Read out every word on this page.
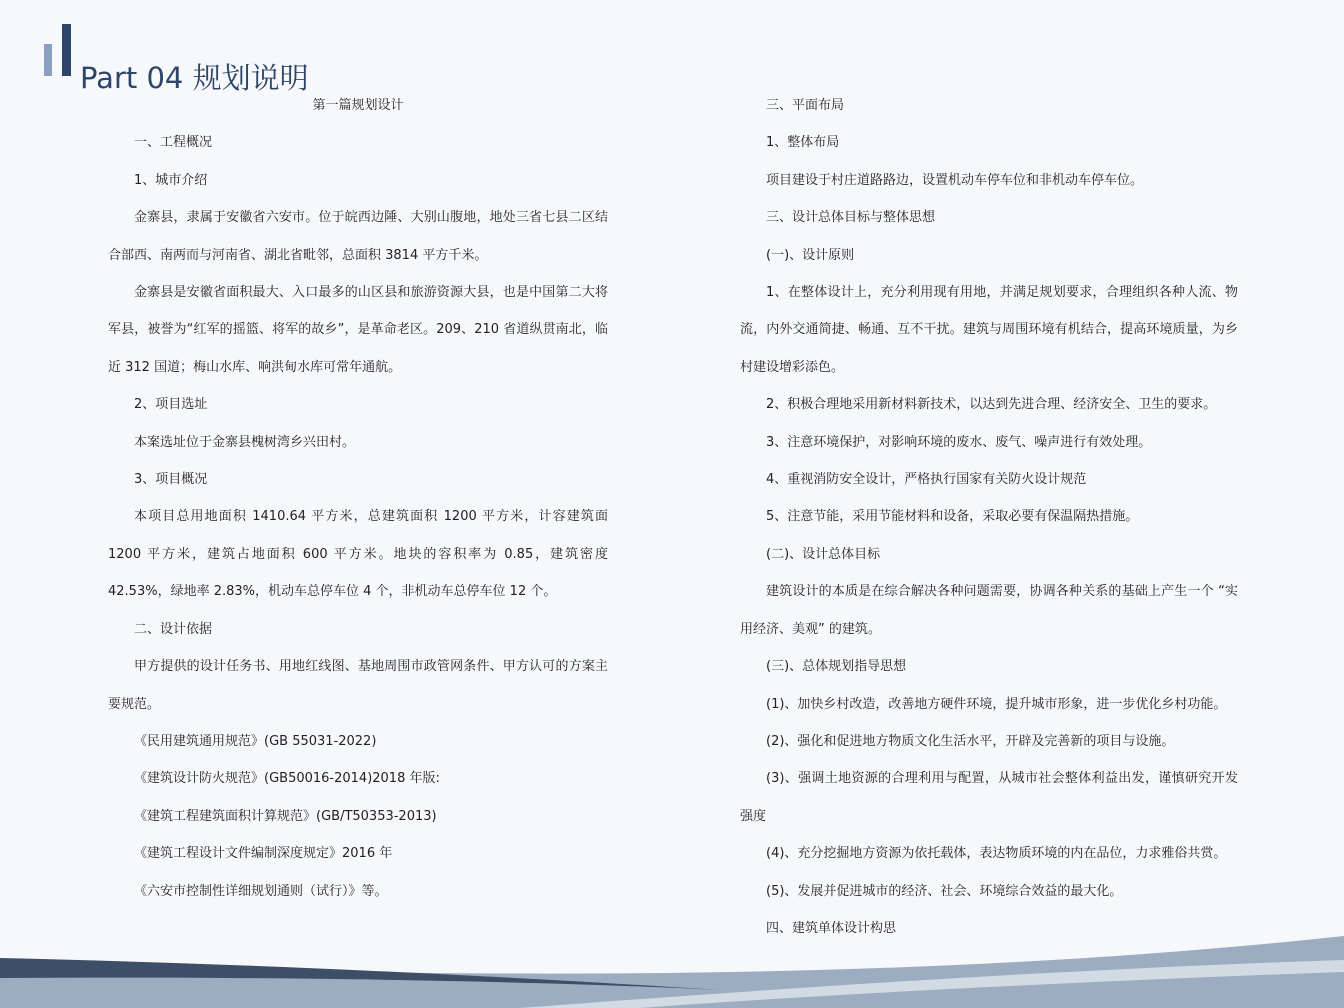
Part 04 规划说明

第一篇规划设计

一、工程概况

1、城市介绍

金寨县，隶属于安徽省六安市。位于皖西边陲、大别山腹地，地处三省七县二区结合部西、南两而与河南省、湖北省毗邻，总面积 3814 平方千米。

金寨县是安徽省面积最大、入口最多的山区县和旅游资源大县，也是中国第二大将军县，被誉为“红军的摇篮、将军的故乡”，是革命老区。209、210 省道纵贯南北，临近 312 国道；梅山水库、响洪甸水库可常年通航。

2、项目选址

本案选址位于金寨县槐树湾乡兴田村。

3、项目概况

本项目总用地面积 1410.64 平方米，总建筑面积 1200 平方米，计容建筑面 1200 平方米，建筑占地面积 600 平方米。地块的容积率为 0.85，建筑密度 42.53%，绿地率 2.83%，机动车总停车位 4 个，非机动车总停车位 12 个。

二、设计依据

甲方提供的设计任务书、用地红线图、基地周围市政管网条件、甲方认可的方案主要规范。

《民用建筑通用规范》(GB 55031-2022)

《建筑设计防火规范》(GB50016-2014)2018 年版:

《建筑工程建筑面积计算规范》(GB/T50353-2013)

《建筑工程设计文件编制深度规定》2016 年

《六安市控制性详细规划通则（试行）》等。

三、平面布局

1、整体布局

项目建设于村庄道路路边，设置机动车停车位和非机动车停车位。

三、设计总体目标与整体思想

(一)、设计原则

1、在整体设计上，充分利用现有用地，并满足规划要求，合理组织各种人流、物流，内外交通简捷、畅通、互不干扰。建筑与周围环境有机结合，提高环境质量，为乡村建设增彩添色。

2、积极合理地采用新材料新技术，以达到先进合理、经济安全、卫生的要求。

3、注意环境保护，对影响环境的废水、废气、噪声进行有效处理。

4、重视消防安全设计，严格执行国家有关防火设计规范

5、注意节能，采用节能材料和设备，采取必要有保温隔热措施。

(二)、设计总体目标

建筑设计的本质是在综合解决各种问题需要，协调各种关系的基础上产生一个 “实用经济、美观” 的建筑。

(三)、总体规划指导思想

(1)、加快乡村改造，改善地方硬件环境，提升城市形象，进一步优化乡村功能。

(2)、强化和促进地方物质文化生活水平，开辟及完善新的项目与设施。

(3)、强调土地资源的合理利用与配置，从城市社会整体利益出发，谨慎研究开发强度

(4)、充分挖掘地方资源为依托载体，表达物质环境的内在品位，力求雅俗共赏。

(5)、发展并促进城市的经济、社会、环境综合效益的最大化。

四、建筑单体设计构思
